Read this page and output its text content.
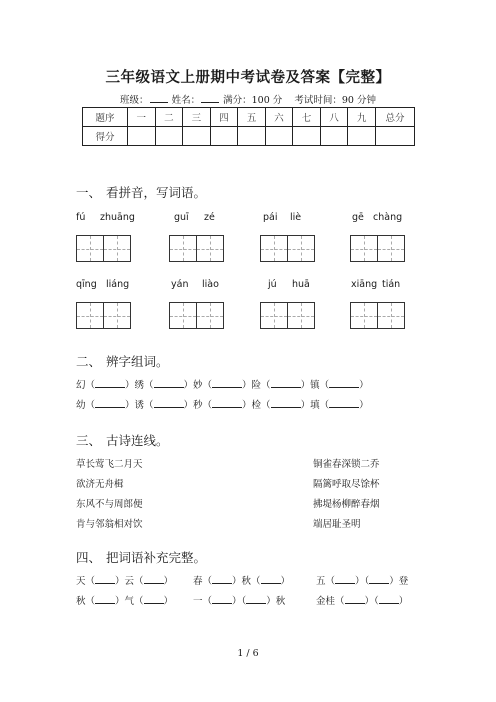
三年级语文上册期中考试卷及答案【完整】
班级： 姓名： 满分：100 分 考试时间：90 分钟
题序	一	二	三	四	五	六	七	八	九	总分
得分										
一、 看拼音，写词语。
fú zhuāng	guī zé	pái liè	gē chàng
qīng liáng	yán liào	jú huā	xiāng tián
二、 辨字组词。
幻（	）绣（	）妙（	）险（	）镇（	）
幼（	）诱（	）秒（	）检（	）填（	）
三、 古诗连线。
草长莺飞二月天
欲济无舟楫
东风不与周郎便
肯与邻翁相对饮
铜雀春深锁二乔
隔篱呼取尽馀杯
拂堤杨柳醉春烟
端居耻圣明
四、 把词语补充完整。
天（ ）云（ ） 春（ ）秋（ ）	五（ ）（ ）登
秋（ ）气（ ） 一（ ）（ ）秋	金桂（ ）（ ）
1 / 6
